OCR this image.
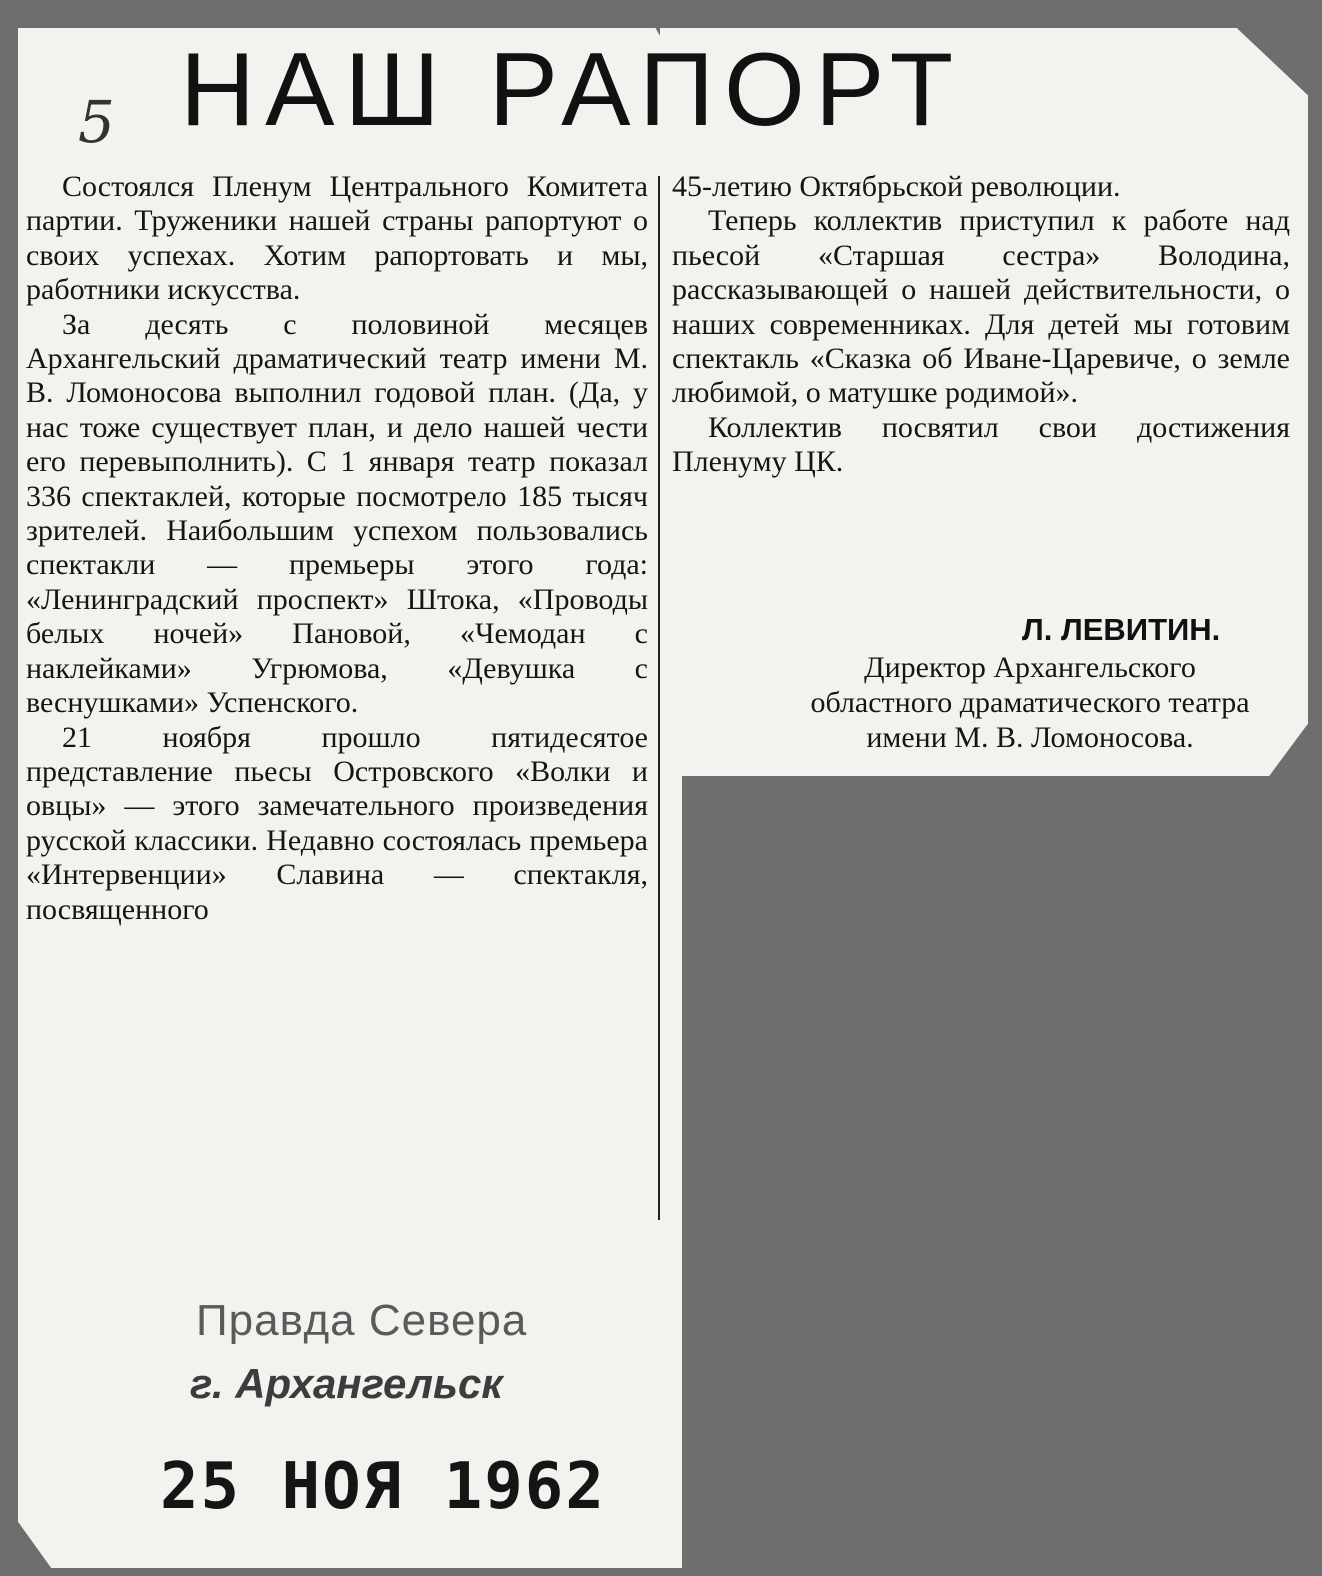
5 НАШ РАПОРТ

Состоялся Пленум Центрального Комитета партии. Труженики нашей страны рапортуют о своих успехах. Хотим рапортовать и мы, работники искусства.

За десять с половиной месяцев Архангельский драматический театр имени М. В. Ломоносова выполнил годовой план. (Да, у нас тоже существует план, и дело нашей чести его перевыполнить). С 1 января театр показал 336 спектаклей, которые посмотрело 185 тысяч зрителей. Наибольшим успехом пользовались спектакли — премьеры этого года: «Ленинградский проспект» Штока, «Проводы белых ночей» Пановой, «Чемодан с наклейками» Угрюмова, «Девушка с веснушками» Успенского.

21 ноября прошло пятидесятое представление пьесы Островского «Волки и овцы» — этого замечательного произведения русской классики. Недавно состоялась премьера «Интервенции» Славина — спектакля, посвященного

45-летию Октябрьской революции.

Теперь коллектив приступил к работе над пьесой «Старшая сестра» Володина, рассказывающей о нашей действительности, о наших современниках. Для детей мы готовим спектакль «Сказка об Иване-Царевиче, о земле любимой, о матушке родимой».

Коллектив посвятил свои достижения Пленуму ЦК.

Л. ЛЕВИТИН.
Директор Архангельского областного драматического театра имени М. В. Ломоносова.
Правда Севера
г. Архангельск
25 НОЯ 1962
